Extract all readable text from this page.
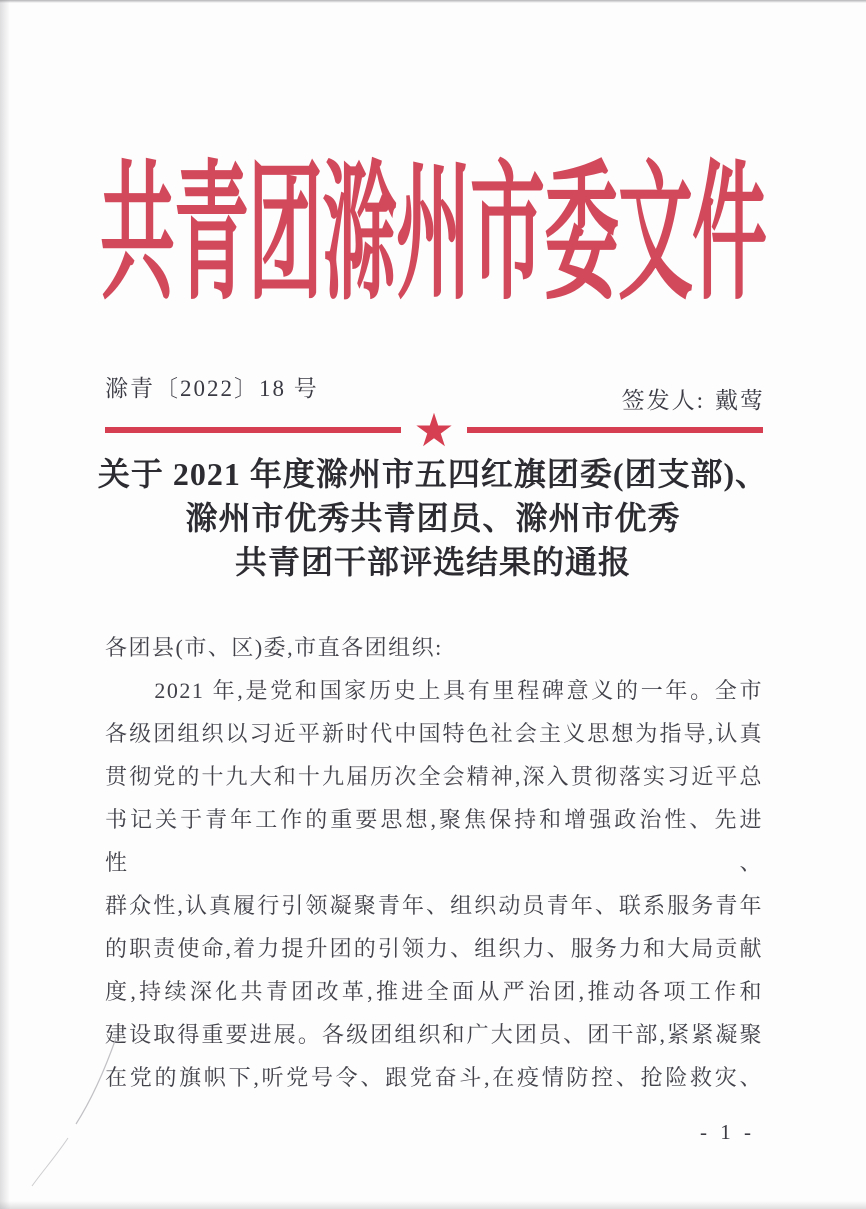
共青团滁州市委文件
滁青〔2022〕18 号	签发人: 戴莺
★
关于 2021 年度滁州市五四红旗团委(团支部)、
滁州市优秀共青团员、滁州市优秀
共青团干部评选结果的通报
各团县(市、区)委,市直各团组织:
　　2021 年,是党和国家历史上具有里程碑意义的一年。全市
各级团组织以习近平新时代中国特色社会主义思想为指导,认真
贯彻党的十九大和十九届历次全会精神,深入贯彻落实习近平总
书记关于青年工作的重要思想,聚焦保持和增强政治性、先进性、
群众性,认真履行引领凝聚青年、组织动员青年、联系服务青年
的职责使命,着力提升团的引领力、组织力、服务力和大局贡献
度,持续深化共青团改革,推进全面从严治团,推动各项工作和
建设取得重要进展。各级团组织和广大团员、团干部,紧紧凝聚
在党的旗帜下,听党号令、跟党奋斗,在疫情防控、抢险救灾、
- 1 -
